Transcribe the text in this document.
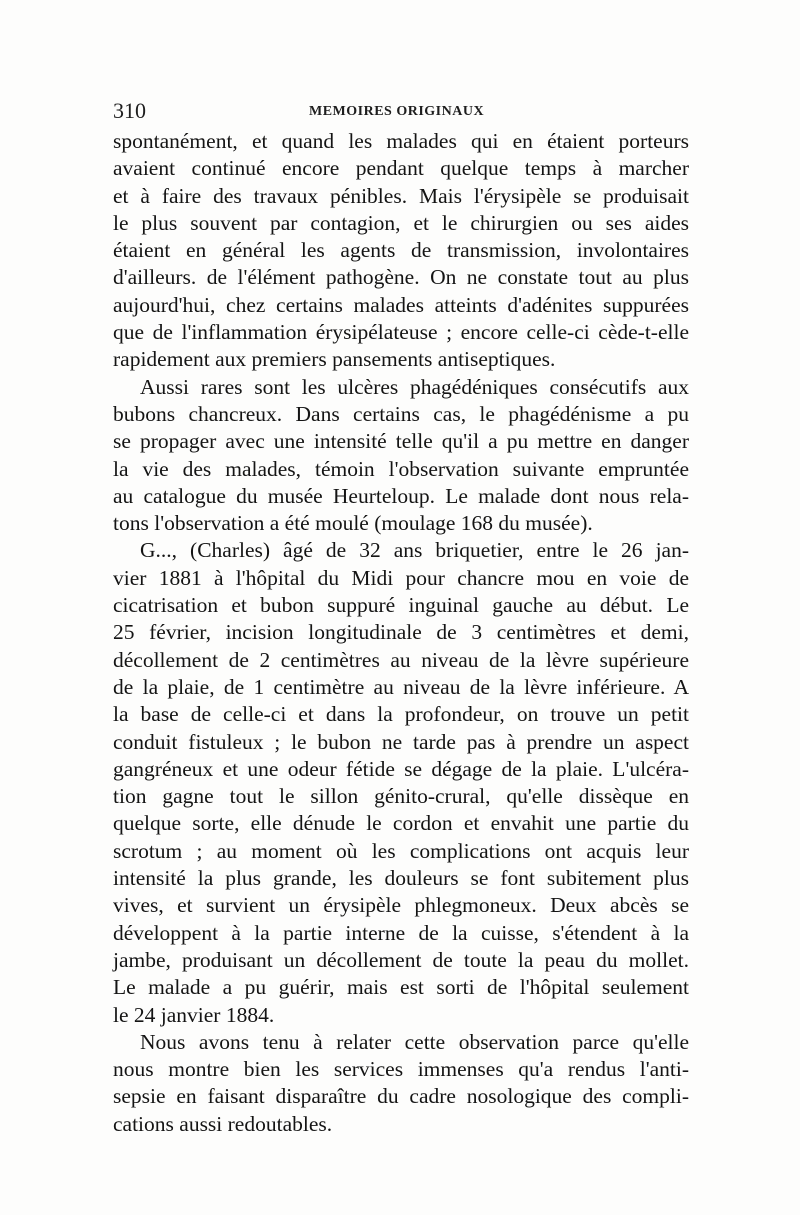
310	MEMOIRES ORIGINAUX

spontanément, et quand les malades qui en étaient porteurs

avaient continué encore pendant quelque temps à marcher

et à faire des travaux pénibles. Mais l'érysipèle se produisait

le plus souvent par contagion, et le chirurgien ou ses aides

étaient en général les agents de transmission, involontaires

d'ailleurs. de l'élément pathogène. On ne constate tout au plus

aujourd'hui, chez certains malades atteints d'adénites suppurées

que de l'inflammation érysipélateuse ; encore celle-ci cède-t-elle

rapidement aux premiers pansements antiseptiques.

Aussi rares sont les ulcères phagédéniques consécutifs aux

bubons chancreux. Dans certains cas, le phagédénisme a pu

se propager avec une intensité telle qu'il a pu mettre en danger

la vie des malades, témoin l'observation suivante empruntée

au catalogue du musée Heurteloup. Le malade dont nous rela-

tons l'observation a été moulé (moulage 168 du musée).

G..., (Charles) âgé de 32 ans briquetier, entre le 26 jan-

vier 1881 à l'hôpital du Midi pour chancre mou en voie de

cicatrisation et bubon suppuré inguinal gauche au début. Le

25 février, incision longitudinale de 3 centimètres et demi,

décollement de 2 centimètres au niveau de la lèvre supérieure

de la plaie, de 1 centimètre au niveau de la lèvre inférieure. A

la base de celle-ci et dans la profondeur, on trouve un petit

conduit fistuleux ; le bubon ne tarde pas à prendre un aspect

gangréneux et une odeur fétide se dégage de la plaie. L'ulcéra-

tion gagne tout le sillon génito-crural, qu'elle dissèque en

quelque sorte, elle dénude le cordon et envahit une partie du

scrotum ; au moment où les complications ont acquis leur

intensité la plus grande, les douleurs se font subitement plus

vives, et survient un érysipèle phlegmoneux. Deux abcès se

développent à la partie interne de la cuisse, s'étendent à la

jambe, produisant un décollement de toute la peau du mollet.

Le malade a pu guérir, mais est sorti de l'hôpital seulement

le 24 janvier 1884.

Nous avons tenu à relater cette observation parce qu'elle

nous montre bien les services immenses qu'a rendus l'anti-

sepsie en faisant disparaître du cadre nosologique des compli-

cations aussi redoutables.
